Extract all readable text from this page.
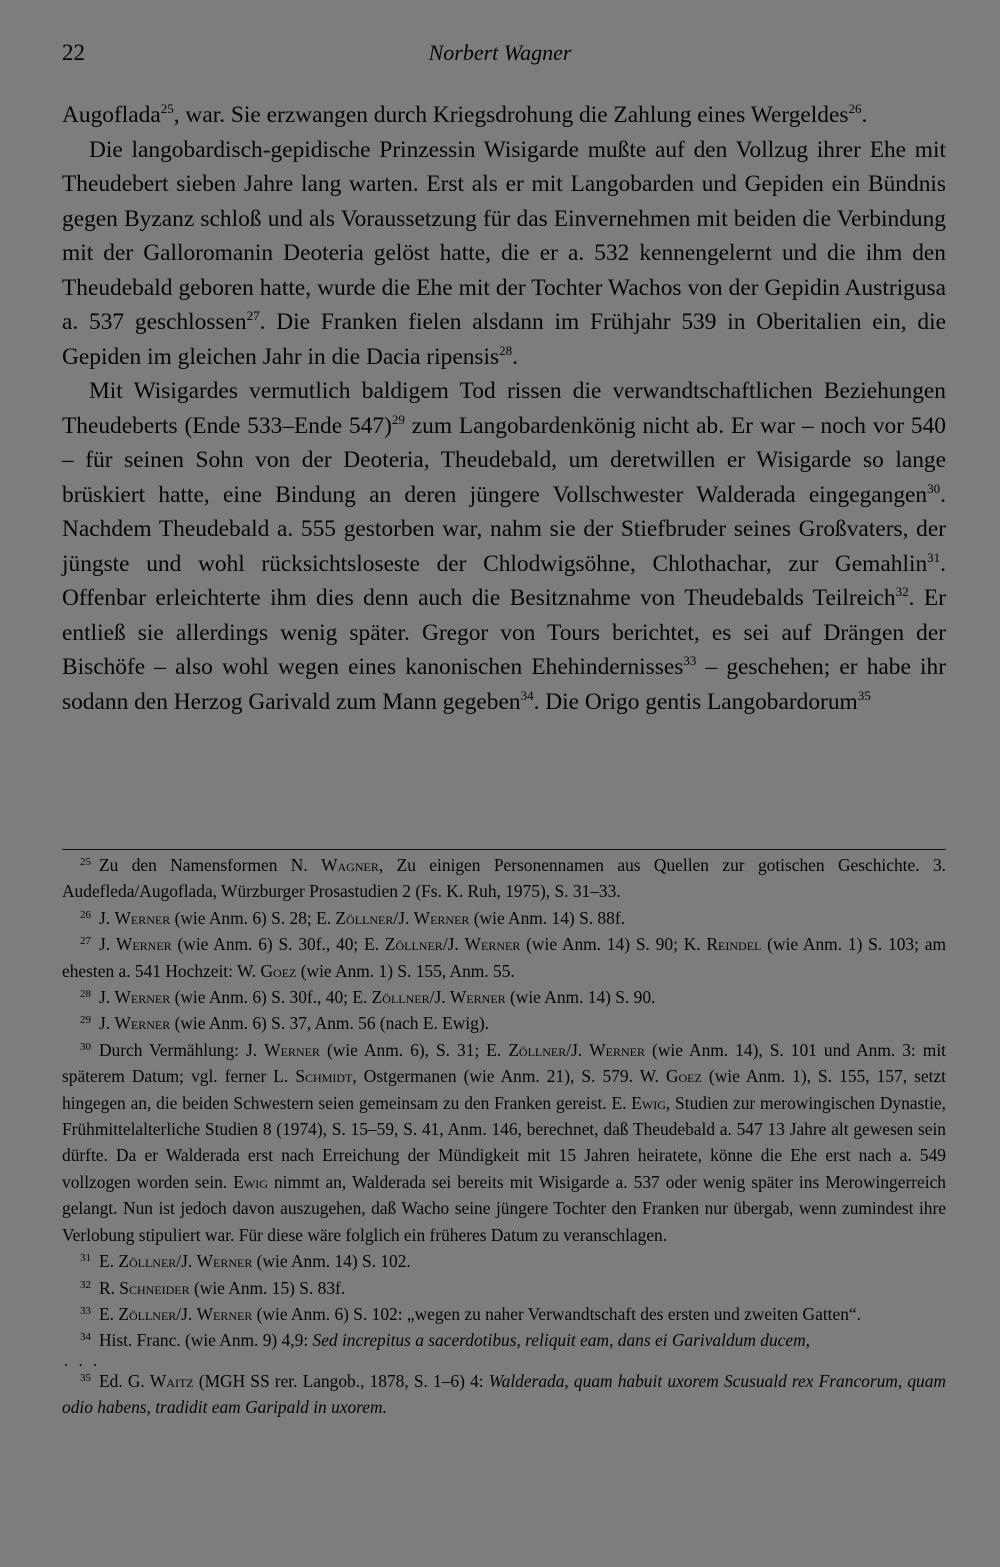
22	Norbert Wagner

Augoflada$^{25}$, war. Sie erzwangen durch Kriegsdrohung die Zahlung eines Wergeldes$^{26}$.

Die langobardisch-gepidische Prinzessin Wisigarde mußte auf den Vollzug ihrer Ehe mit Theudebert sieben Jahre lang warten. Erst als er mit Langobarden und Gepiden ein Bündnis gegen Byzanz schloß und als Voraussetzung für das Einvernehmen mit beiden die Verbindung mit der Galloromanin Deoteria gelöst hatte, die er a. 532 kennengelernt und die ihm den Theudebald geboren hatte, wurde die Ehe mit der Tochter Wachos von der Gepidin Austrigusa a. 537 geschlossen$^{27}$. Die Franken fielen alsdann im Frühjahr 539 in Oberitalien ein, die Gepiden im gleichen Jahr in die Dacia ripensis$^{28}$.

Mit Wisigardes vermutlich baldigem Tod rissen die verwandtschaftlichen Beziehungen Theudeberts (Ende 533–Ende 547)$^{29}$ zum Langobardenkönig nicht ab. Er war – noch vor 540 – für seinen Sohn von der Deoteria, Theudebald, um deretwillen er Wisigarde so lange brüskiert hatte, eine Bindung an deren jüngere Vollschwester Walderada eingegangen$^{30}$. Nachdem Theudebald a. 555 gestorben war, nahm sie der Stiefbruder seines Großvaters, der jüngste und wohl rücksichtsloseste der Chlodwigsöhne, Chlothachar, zur Gemahlin$^{31}$. Offenbar erleichterte ihm dies denn auch die Besitznahme von Theudebalds Teilreich$^{32}$. Er entließ sie allerdings wenig später. Gregor von Tours berichtet, es sei auf Drängen der Bischöfe – also wohl wegen eines kanonischen Ehehindernisses$^{33}$ – geschehen; er habe ihr sodann den Herzog Garivald zum Mann gegeben$^{34}$. Die Origo gentis Langobardorum$^{35}$

$^{25}$ Zu den Namensformen N. Wagner, Zu einigen Personennamen aus Quellen zur gotischen Geschichte. 3. Audefleda/Augoflada, Würzburger Prosastudien 2 (Fs. K. Ruh, 1975), S. 31–33.

$^{26}$ J. Werner (wie Anm. 6) S. 28; E. Zöllner/J. Werner (wie Anm. 14) S. 88f.

$^{27}$ J. Werner (wie Anm. 6) S. 30f., 40; E. Zöllner/J. Werner (wie Anm. 14) S. 90; K. Reindel (wie Anm. 1) S. 103; am ehesten a. 541 Hochzeit: W. Goez (wie Anm. 1) S. 155, Anm. 55.

$^{28}$ J. Werner (wie Anm. 6) S. 30f., 40; E. Zöllner/J. Werner (wie Anm. 14) S. 90.

$^{29}$ J. Werner (wie Anm. 6) S. 37, Anm. 56 (nach E. Ewig).

$^{30}$ Durch Vermählung: J. Werner (wie Anm. 6), S. 31; E. Zöllner/J. Werner (wie Anm. 14), S. 101 und Anm. 3: mit späterem Datum; vgl. ferner L. Schmidt, Ostgermanen (wie Anm. 21), S. 579. W. Goez (wie Anm. 1), S. 155, 157, setzt hingegen an, die beiden Schwestern seien gemeinsam zu den Franken gereist. E. Ewig, Studien zur merowingischen Dynastie, Frühmittelalterliche Studien 8 (1974), S. 15–59, S. 41, Anm. 146, berechnet, daß Theudebald a. 547 13 Jahre alt gewesen sein dürfte. Da er Walderada erst nach Erreichung der Mündigkeit mit 15 Jahren heiratete, könne die Ehe erst nach a. 549 vollzogen worden sein. Ewig nimmt an, Walderada sei bereits mit Wisigarde a. 537 oder wenig später ins Merowingerreich gelangt. Nun ist jedoch davon auszugehen, daß Wacho seine jüngere Tochter den Franken nur übergab, wenn zumindest ihre Verlobung stipuliert war. Für diese wäre folglich ein früheres Datum zu veranschlagen.

$^{31}$ E. Zöllner/J. Werner (wie Anm. 14) S. 102.

$^{32}$ R. Schneider (wie Anm. 15) S. 83f.

$^{33}$ E. Zöllner/J. Werner (wie Anm. 6) S. 102: „wegen zu naher Verwandtschaft des ersten und zweiten Gatten“.

$^{34}$ Hist. Franc. (wie Anm. 9) 4,9: Sed increpitus a sacerdotibus, reliquit eam, dans ei Garivaldum ducem,

. . .

$^{35}$ Ed. G. Waitz (MGH SS rer. Langob., 1878, S. 1–6) 4: Walderada, quam habuit uxorem Scusuald rex Francorum, quam odio habens, tradidit eam Garipald in uxorem.
